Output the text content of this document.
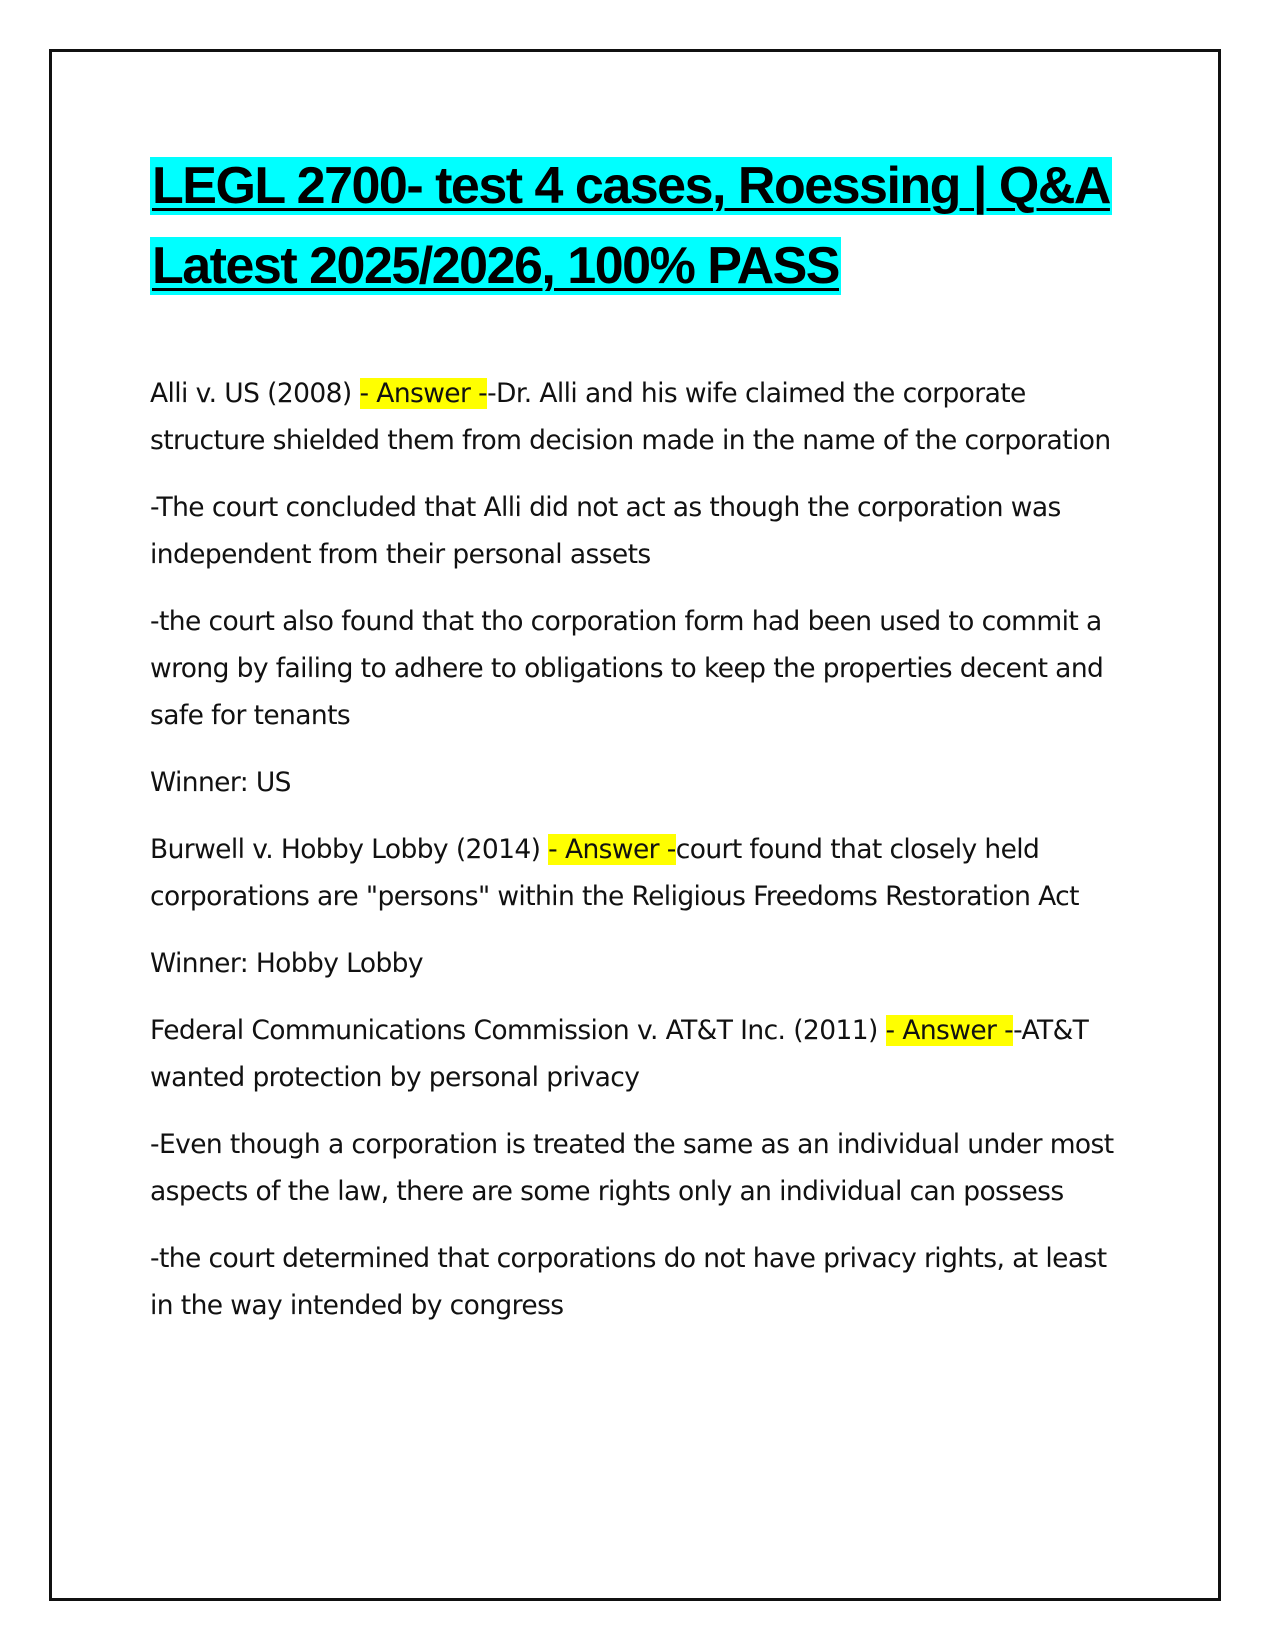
LEGL 2700- test 4 cases, Roessing | Q&A Latest 2025/2026, 100% PASS

Alli v. US (2008) - Answer --Dr. Alli and his wife claimed the corporate structure shielded them from decision made in the name of the corporation

-The court concluded that Alli did not act as though the corporation was independent from their personal assets

-the court also found that tho corporation form had been used to commit a wrong by failing to adhere to obligations to keep the properties decent and safe for tenants

Winner: US

Burwell v. Hobby Lobby (2014) - Answer -court found that closely held corporations are "persons" within the Religious Freedoms Restoration Act

Winner: Hobby Lobby

Federal Communications Commission v. AT&T Inc. (2011) - Answer --AT&T wanted protection by personal privacy

-Even though a corporation is treated the same as an individual under most aspects of the law, there are some rights only an individual can possess

-the court determined that corporations do not have privacy rights, at least in the way intended by congress
